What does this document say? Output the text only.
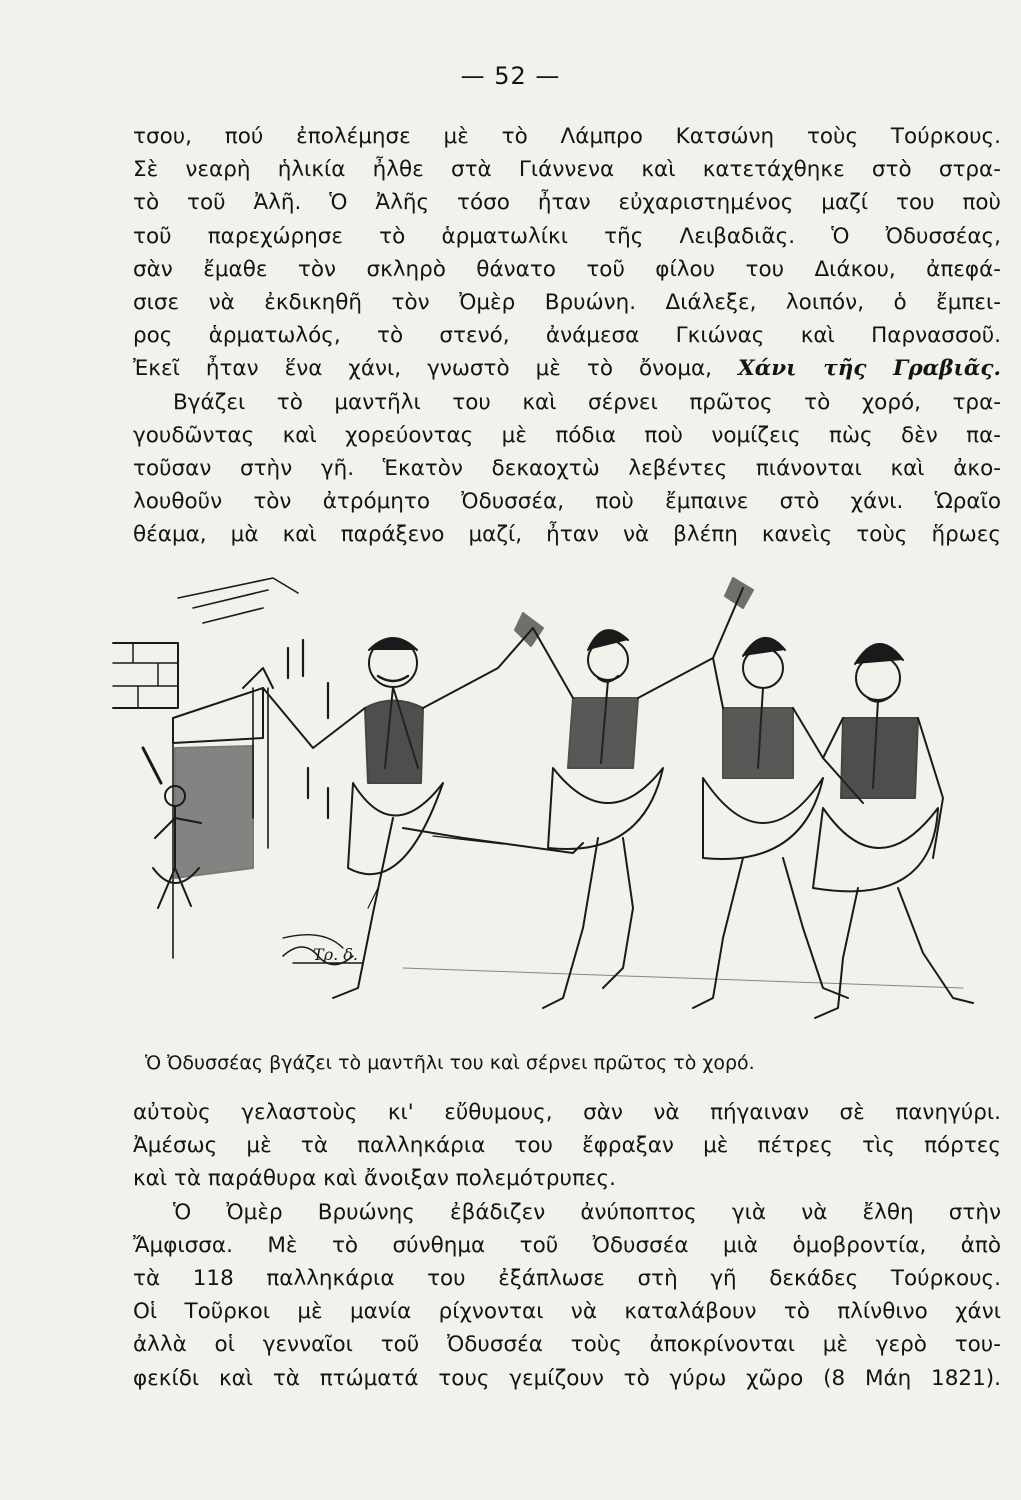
— 52 —
τσου, πού ἐπολέμησε μὲ τὸ Λάμπρο Κατσώνη τοὺς Τούρκους.
Σὲ νεαρὴ ἡλικία ἦλθε στὰ Γιάννενα καὶ κατετάχθηκε στὸ στρα-
τὸ τοῦ Ἀλῆ. Ὁ Ἀλῆς τόσο ἦταν εὐχαριστημένος μαζί του ποὺ
τοῦ παρεχώρησε τὸ ἁρματωλίκι τῆς Λειβαδιᾶς. Ὁ Ὀδυσσέας,
σὰν ἔμαθε τὸν σκληρὸ θάνατο τοῦ φίλου του Διάκου, ἀπεφά-
σισε νὰ ἐκδικηθῆ τὸν Ὀμὲρ Βρυώνη. Διάλεξε, λοιπόν, ὁ ἔμπει-
ρος ἁρματωλός, τὸ στενό, ἀνάμεσα Γκιώνας καὶ Παρνασσοῦ.
Ἐκεῖ ἦταν ἕνα χάνι, γνωστὸ μὲ τὸ ὄνομα, Χάνι τῆς Γραβιᾶς.
Βγάζει τὸ μαντῆλι του καὶ σέρνει πρῶτος τὸ χορό, τρα-
γουδῶντας καὶ χορεύοντας μὲ πόδια ποὺ νομίζεις πὼς δὲν πα-
τοῦσαν στὴν γῆ. Ἑκατὸν δεκαοχτὼ λεβέντες πιάνονται καὶ ἀκο-
λουθοῦν τὸν ἀτρόμητο Ὀδυσσέα, ποὺ ἔμπαινε στὸ χάνι. Ὡραῖο
θέαμα, μὰ καὶ παράξενο μαζί, ἦταν νὰ βλέπη κανεὶς τοὺς ἥρωες
Τρ. δ.
Ὁ Ὀδυσσέας βγάζει τὸ μαντῆλι του καὶ σέρνει πρῶτος τὸ χορό.
αὐτοὺς γελαστοὺς κι' εὔθυμους, σὰν νὰ πήγαιναν σὲ πανηγύρι.
Ἀμέσως μὲ τὰ παλληκάρια του ἔφραξαν μὲ πέτρες τὶς πόρτες
καὶ τὰ παράθυρα καὶ ἄνοιξαν πολεμότρυπες.
Ὁ Ὀμὲρ Βρυώνης ἐβάδιζεν ἀνύποπτος γιὰ νὰ ἔλθη στὴν
Ἄμφισσα. Μὲ τὸ σύνθημα τοῦ Ὀδυσσέα μιὰ ὁμοβροντία, ἀπὸ
τὰ 118 παλληκάρια του ἐξάπλωσε στὴ γῆ δεκάδες Τούρκους.
Οἱ Τοῦρκοι μὲ μανία ρίχνονται νὰ καταλάβουν τὸ πλίνθινο χάνι
ἀλλὰ οἱ γενναῖοι τοῦ Ὀδυσσέα τοὺς ἀποκρίνονται μὲ γερὸ του-
φεκίδι καὶ τὰ πτώματά τους γεμίζουν τὸ γύρω χῶρο (8 Μάη 1821).
